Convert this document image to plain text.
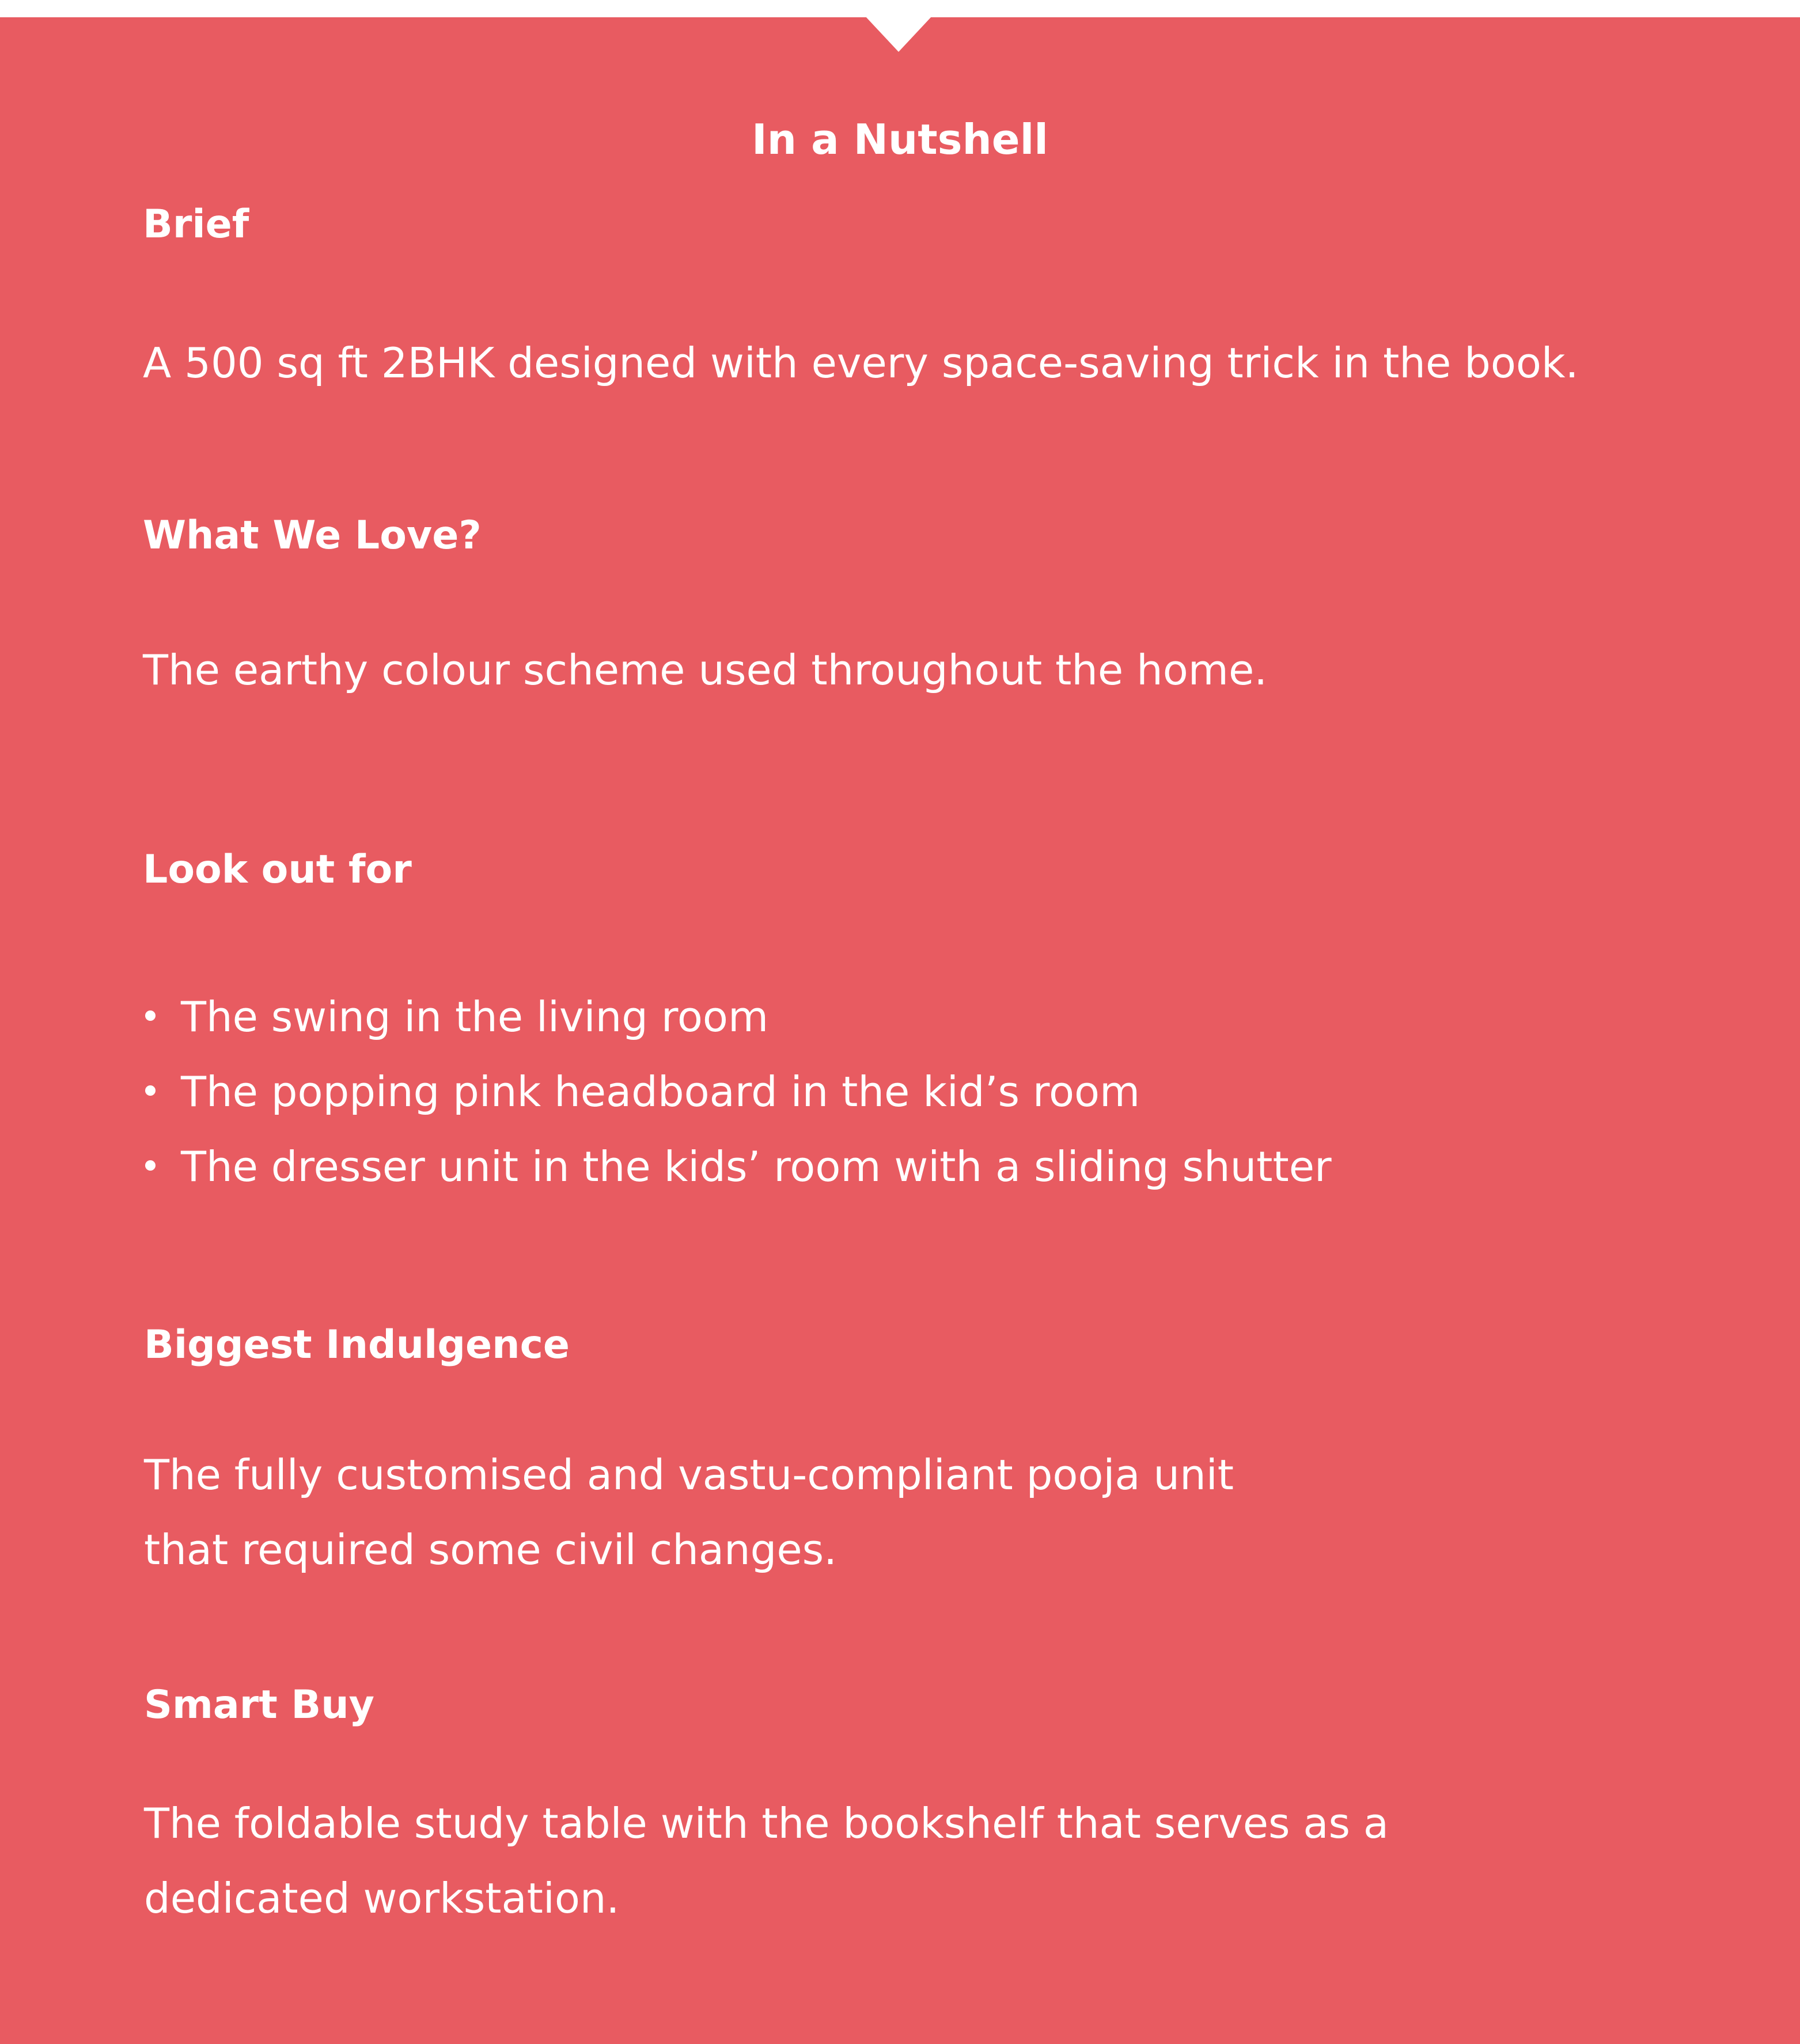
In a Nutshell
Brief

A 500 sq ft 2BHK designed with every space-saving trick in the book.

What We Love?

The earthy colour scheme used throughout the home.

Look out for
The swing in the living room
The popping pink headboard in the kid’s room
The dresser unit in the kids’ room with a sliding shutter
Biggest Indulgence

The fully customised and vastu-compliant pooja unit
that required some civil changes.

Smart Buy

The foldable study table with the bookshelf that serves as a
dedicated workstation.
